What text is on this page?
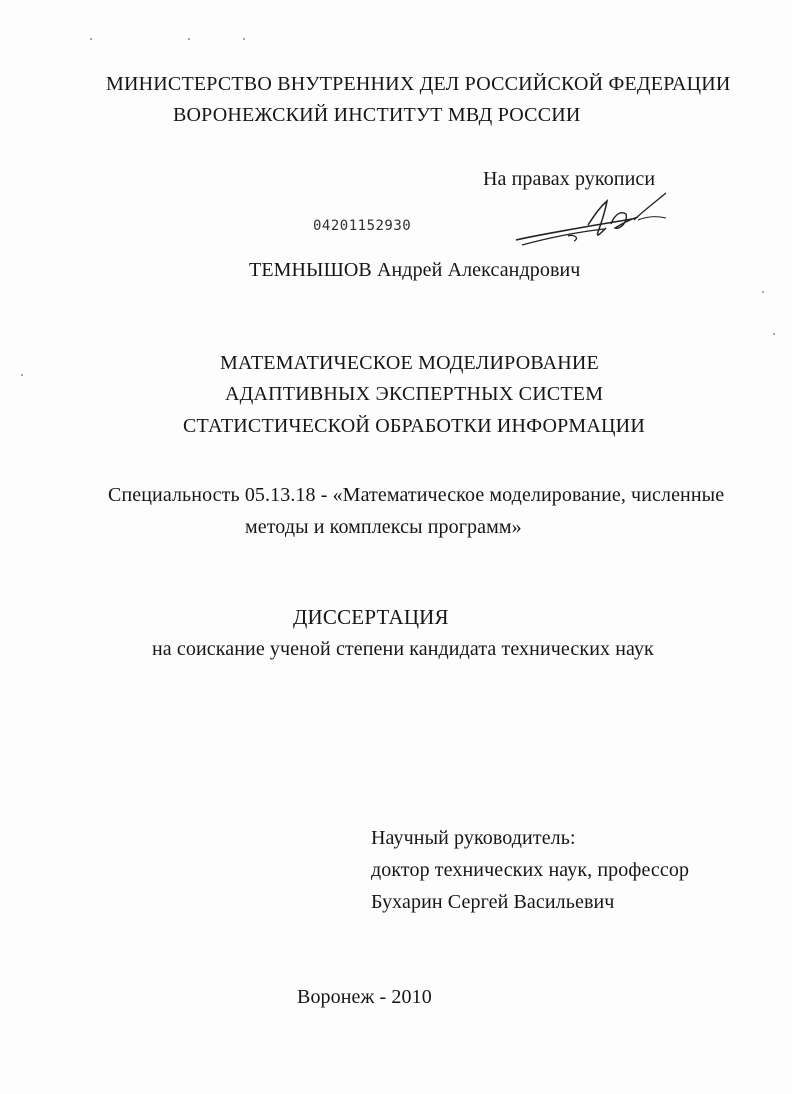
МИНИСТЕРСТВО ВНУТРЕННИХ ДЕЛ РОССИЙСКОЙ ФЕДЕРАЦИИ
ВОРОНЕЖСКИЙ ИНСТИТУТ МВД РОССИИ
На правах рукописи
04201152930
ТЕМНЫШОВ Андрей Александрович
МАТЕМАТИЧЕСКОЕ МОДЕЛИРОВАНИЕ
АДАПТИВНЫХ ЭКСПЕРТНЫХ СИСТЕМ
СТАТИСТИЧЕСКОЙ ОБРАБОТКИ ИНФОРМАЦИИ
Специальность 05.13.18 - «Математическое моделирование, численные
методы и комплексы программ»
ДИССЕРТАЦИЯ
на соискание ученой степени кандидата технических наук
Научный руководитель:
доктор технических наук, профессор
Бухарин Сергей Васильевич
Воронеж - 2010
